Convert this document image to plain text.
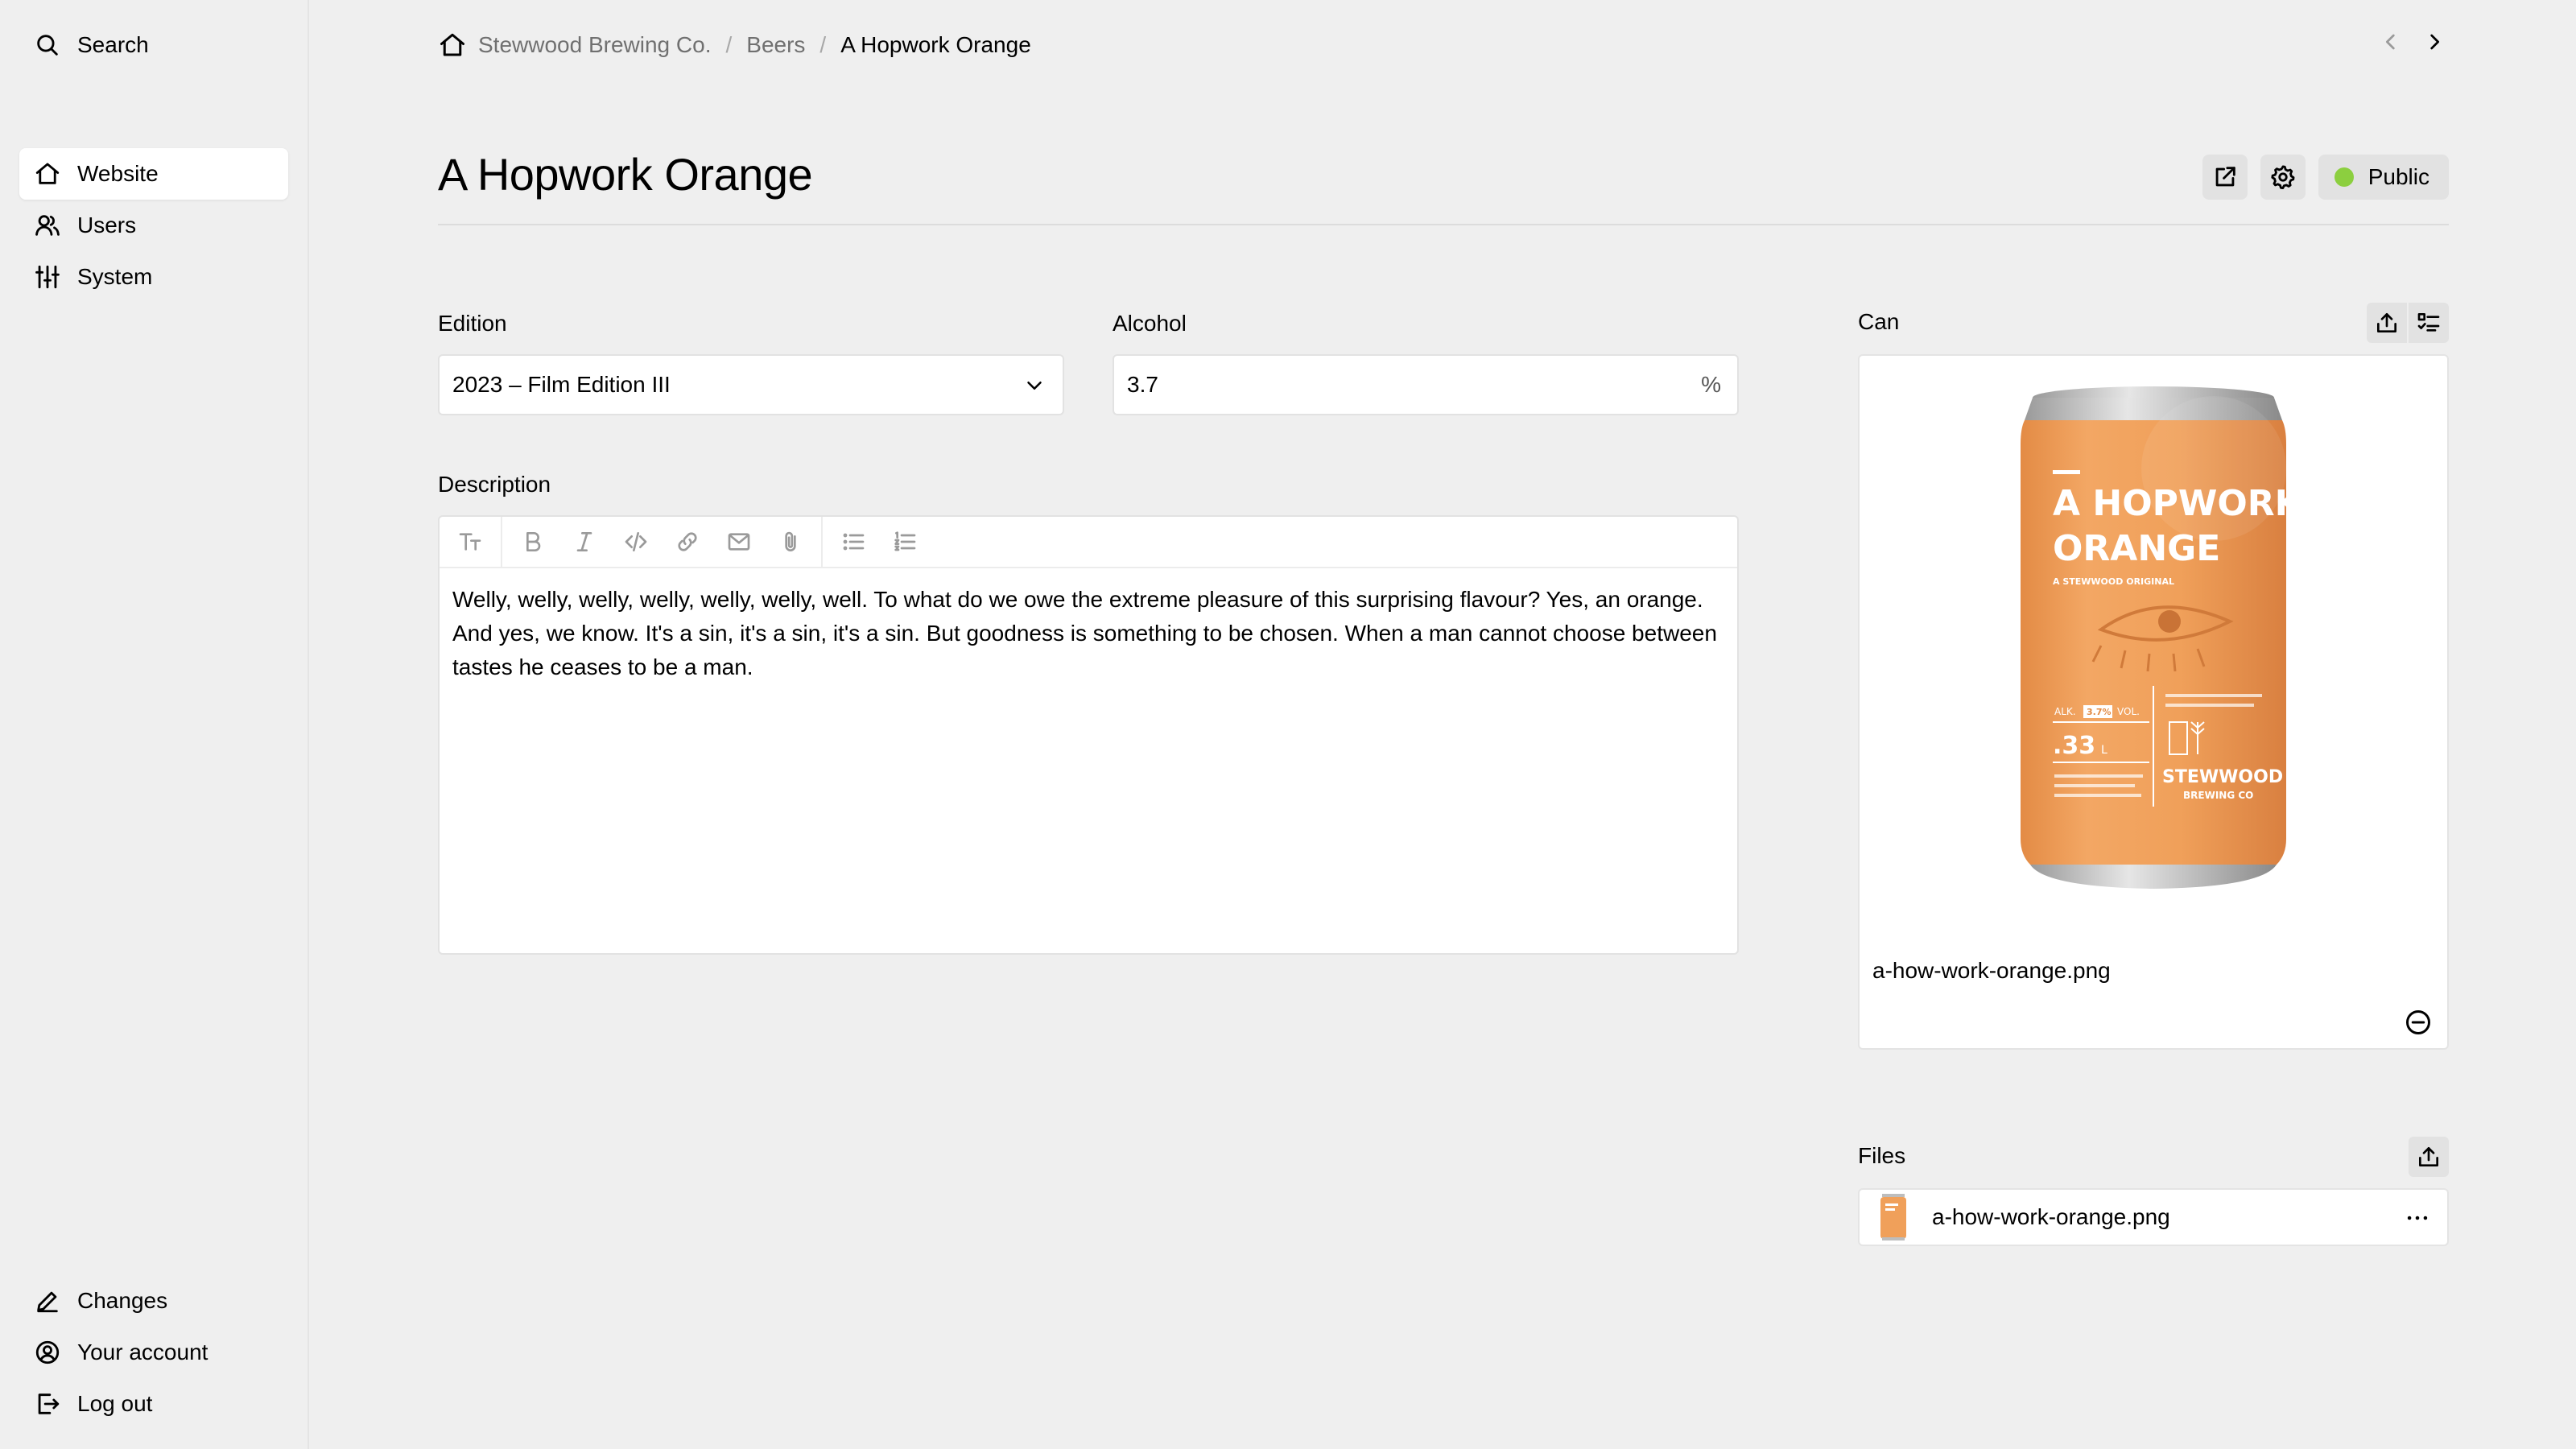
Search
Website
Users
System
Changes
Your account
Log out
Stewwood Brewing Co. / Beers / A Hopwork Orange
A Hopwork Orange	Public
Edition
2023 – Film Edition III
Alcohol
3.7	%
Description
Welly, welly, welly, welly, welly, welly, well. To what do we owe the extreme pleasure of this surprising flavour? Yes, an orange. And yes, we know. It's a sin, it's a sin, it's a sin. But goodness is something to be chosen. When a man cannot choose between tastes he ceases to be a man.
Can
A HOPWORK
ORANGE
A STEWWOOD ORIGINAL
ALK. 3.7% VOL.
.33 L
STEWWOOD
BREWING CO
a-how-work-orange.png
Files
a-how-work-orange.png
